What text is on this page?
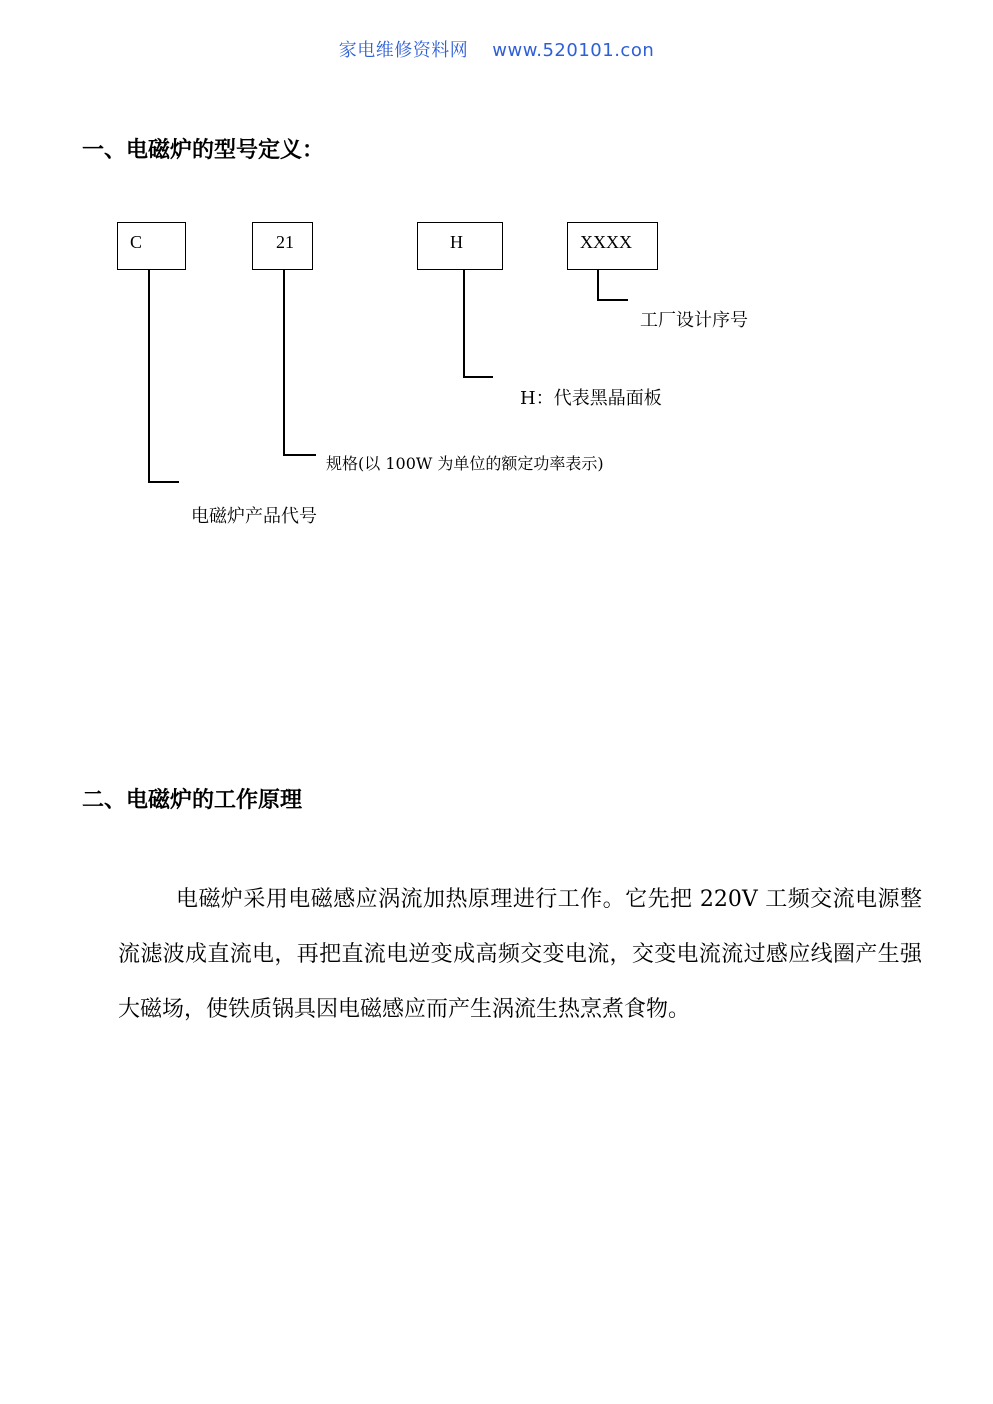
家电维修资料网 www.520101.con
一、电磁炉的型号定义：
C	21	H	XXXX
工厂设计序号
H：代表黑晶面板
规格(以 100W 为单位的额定功率表示)
电磁炉产品代号
二、电磁炉的工作原理
电磁炉采用电磁感应涡流加热原理进行工作。它先把 220V 工频交流电源整流滤波成直流电，再把直流电逆变成高频交变电流，交变电流流过感应线圈产生强大磁场，使铁质锅具因电磁感应而产生涡流生热烹煮食物。
